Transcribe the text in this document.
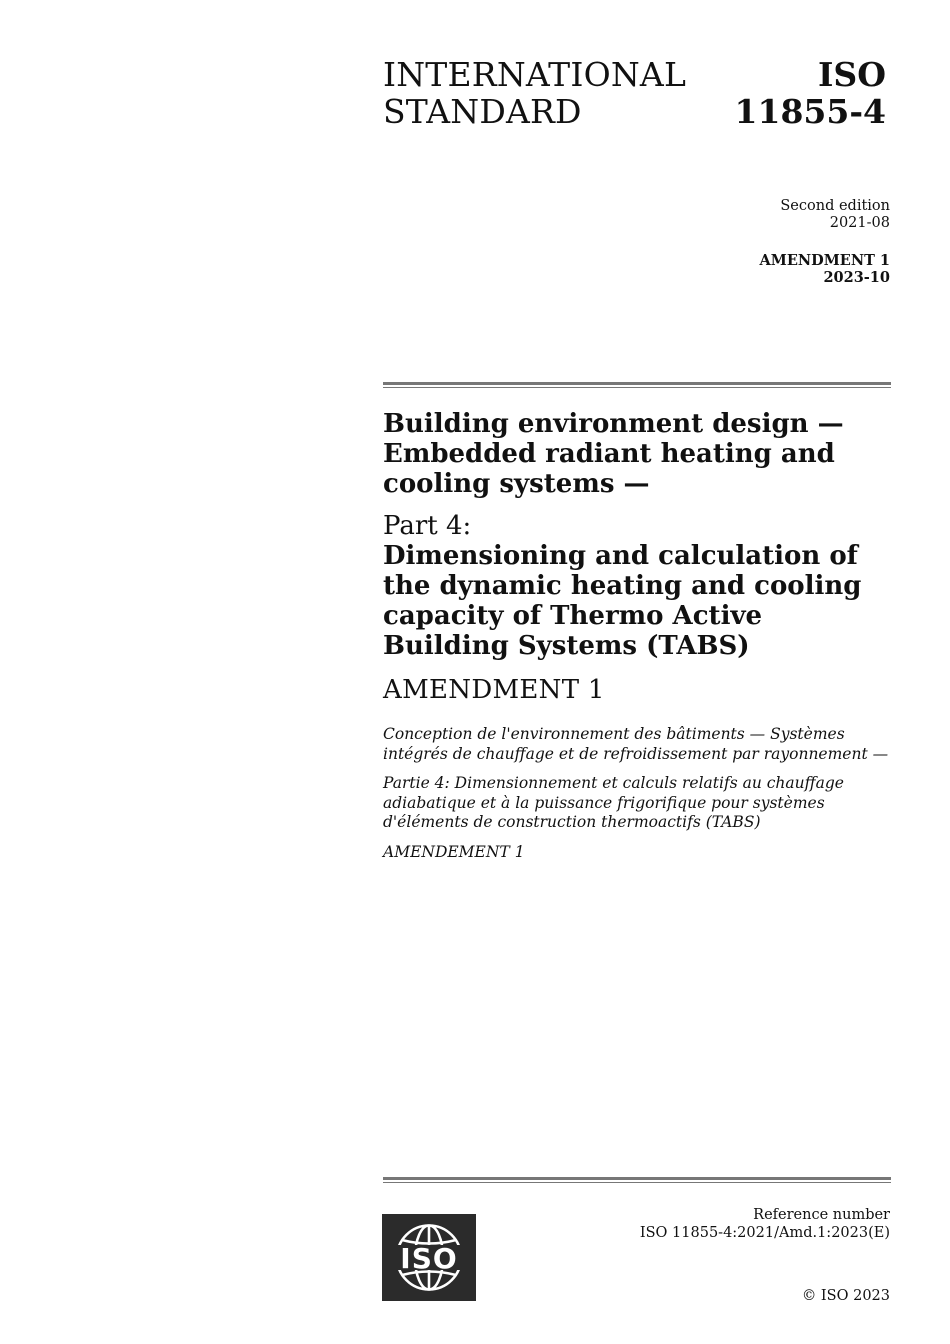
INTERNATIONAL
STANDARD
ISO
11855-4
Second edition
2021-08
AMENDMENT 1
2023-10
Building environment design — Embedded radiant heating and cooling systems —
Part 4:
Dimensioning and calculation of the dynamic heating and cooling capacity of Thermo Active Building Systems (TABS)
AMENDMENT 1
Conception de l'environnement des bâtiments — Systèmes intégrés de chauffage et de refroidissement par rayonnement —
Partie 4: Dimensionnement et calculs relatifs au chauffage adiabatique et à la puissance frigorifique pour systèmes d'éléments de construction thermoactifs (TABS)
AMENDEMENT 1
ISO
Reference number
ISO 11855-4:2021/Amd.1:2023(E)
© ISO 2023
